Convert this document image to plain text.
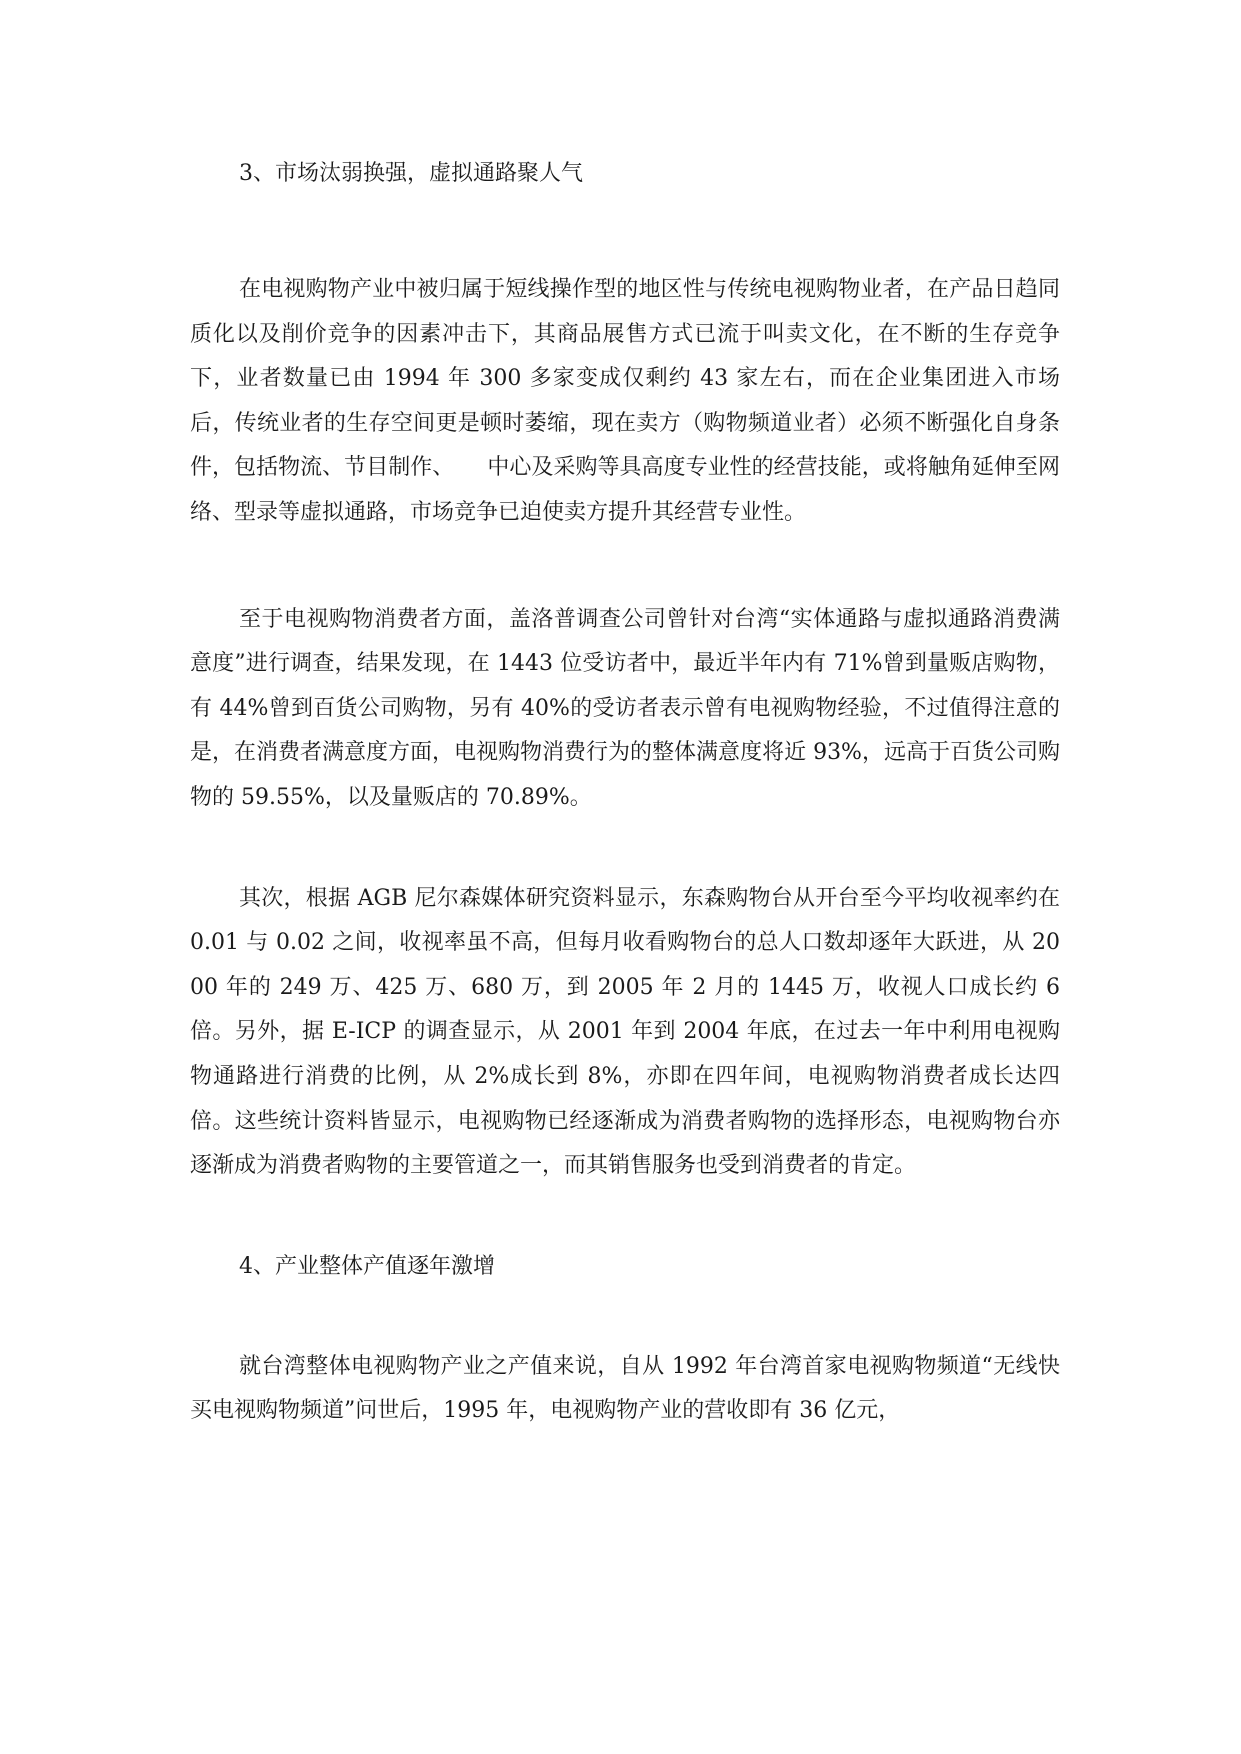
3、市场汰弱换强，虚拟通路聚人气

在电视购物产业中被归属于短线操作型的地区性与传统电视购物业者，在产品日趋同质化以及削价竞争的因素冲击下，其商品展售方式已流于叫卖文化，在不断的生存竞争下，业者数量已由 1994 年 300 多家变成仅剩约 43 家左右，而在企业集团进入市场后，传统业者的生存空间更是顿时萎缩，现在卖方（购物频道业者）必须不断强化自身条件，包括物流、节目制作、　　中心及采购等具高度专业性的经营技能，或将触角延伸至网络、型录等虚拟通路，市场竞争已迫使卖方提升其经营专业性。

至于电视购物消费者方面，盖洛普调查公司曾针对台湾“实体通路与虚拟通路消费满意度”进行调查，结果发现，在 1443 位受访者中，最近半年内有 71%曾到量贩店购物，有 44%曾到百货公司购物，另有 40%的受访者表示曾有电视购物经验，不过值得注意的是，在消费者满意度方面，电视购物消费行为的整体满意度将近 93%，远高于百货公司购物的 59.55%，以及量贩店的 70.89%。

其次，根据 AGB 尼尔森媒体研究资料显示，东森购物台从开台至今平均收视率约在 0.01 与 0.02 之间，收视率虽不高，但每月收看购物台的总人口数却逐年大跃进，从 2000 年的 249 万、425 万、680 万，到 2005 年 2 月的 1445 万，收视人口成长约 6 倍。另外，据 E-ICP 的调查显示，从 2001 年到 2004 年底，在过去一年中利用电视购物通路进行消费的比例，从 2%成长到 8%，亦即在四年间，电视购物消费者成长达四倍。这些统计资料皆显示，电视购物已经逐渐成为消费者购物的选择形态，电视购物台亦逐渐成为消费者购物的主要管道之一，而其销售服务也受到消费者的肯定。

4、产业整体产值逐年激增

就台湾整体电视购物产业之产值来说，自从 1992 年台湾首家电视购物频道“无线快买电视购物频道”问世后，1995 年，电视购物产业的营收即有 36 亿元，
